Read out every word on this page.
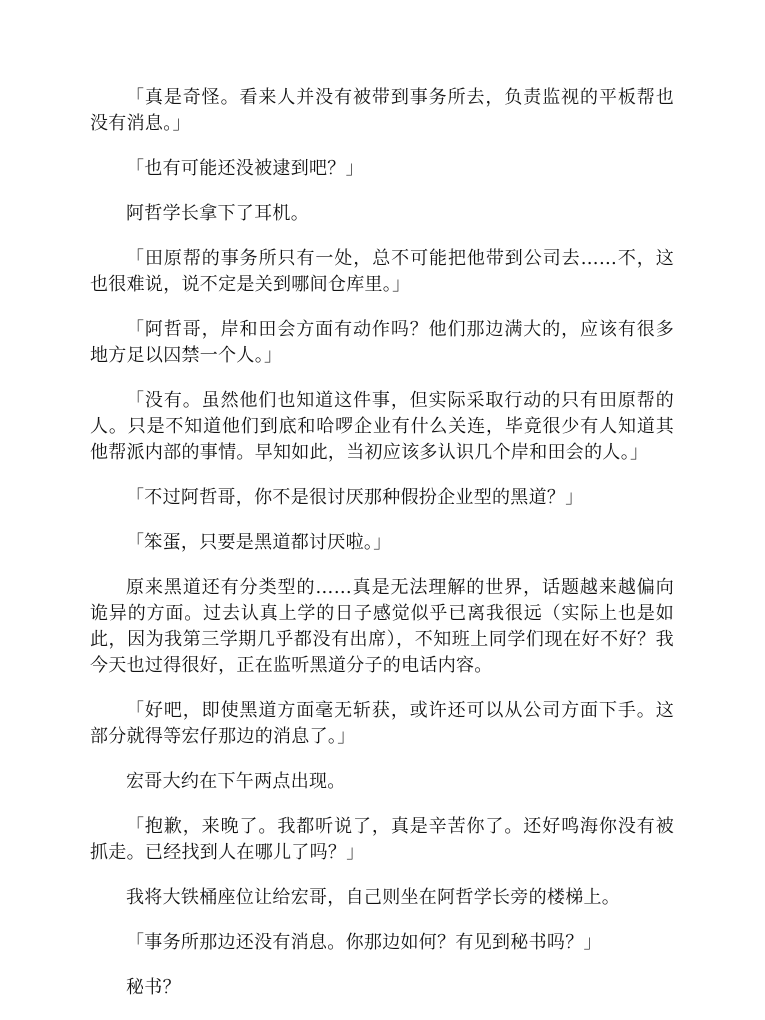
「真是奇怪。看来人并没有被带到事务所去，负责监视的平板帮也没有消息。」

「也有可能还没被逮到吧？」

阿哲学长拿下了耳机。

「田原帮的事务所只有一处，总不可能把他带到公司去……不，这也很难说，说不定是关到哪间仓库里。」

「阿哲哥，岸和田会方面有动作吗？他们那边满大的，应该有很多地方足以囚禁一个人。」

「没有。虽然他们也知道这件事，但实际采取行动的只有田原帮的人。只是不知道他们到底和哈啰企业有什么关连，毕竟很少有人知道其他帮派内部的事情。早知如此，当初应该多认识几个岸和田会的人。」

「不过阿哲哥，你不是很讨厌那种假扮企业型的黑道？」

「笨蛋，只要是黑道都讨厌啦。」

原来黑道还有分类型的……真是无法理解的世界，话题越来越偏向诡异的方面。过去认真上学的日子感觉似乎已离我很远（实际上也是如此，因为我第三学期几乎都没有出席），不知班上同学们现在好不好？我今天也过得很好，正在监听黑道分子的电话内容。

「好吧，即使黑道方面毫无斩获，或许还可以从公司方面下手。这部分就得等宏仔那边的消息了。」

宏哥大约在下午两点出现。

「抱歉，来晚了。我都听说了，真是辛苦你了。还好鸣海你没有被抓走。已经找到人在哪儿了吗？」

我将大铁桶座位让给宏哥，自己则坐在阿哲学长旁的楼梯上。

「事务所那边还没有消息。你那边如何？有见到秘书吗？」

秘书？
